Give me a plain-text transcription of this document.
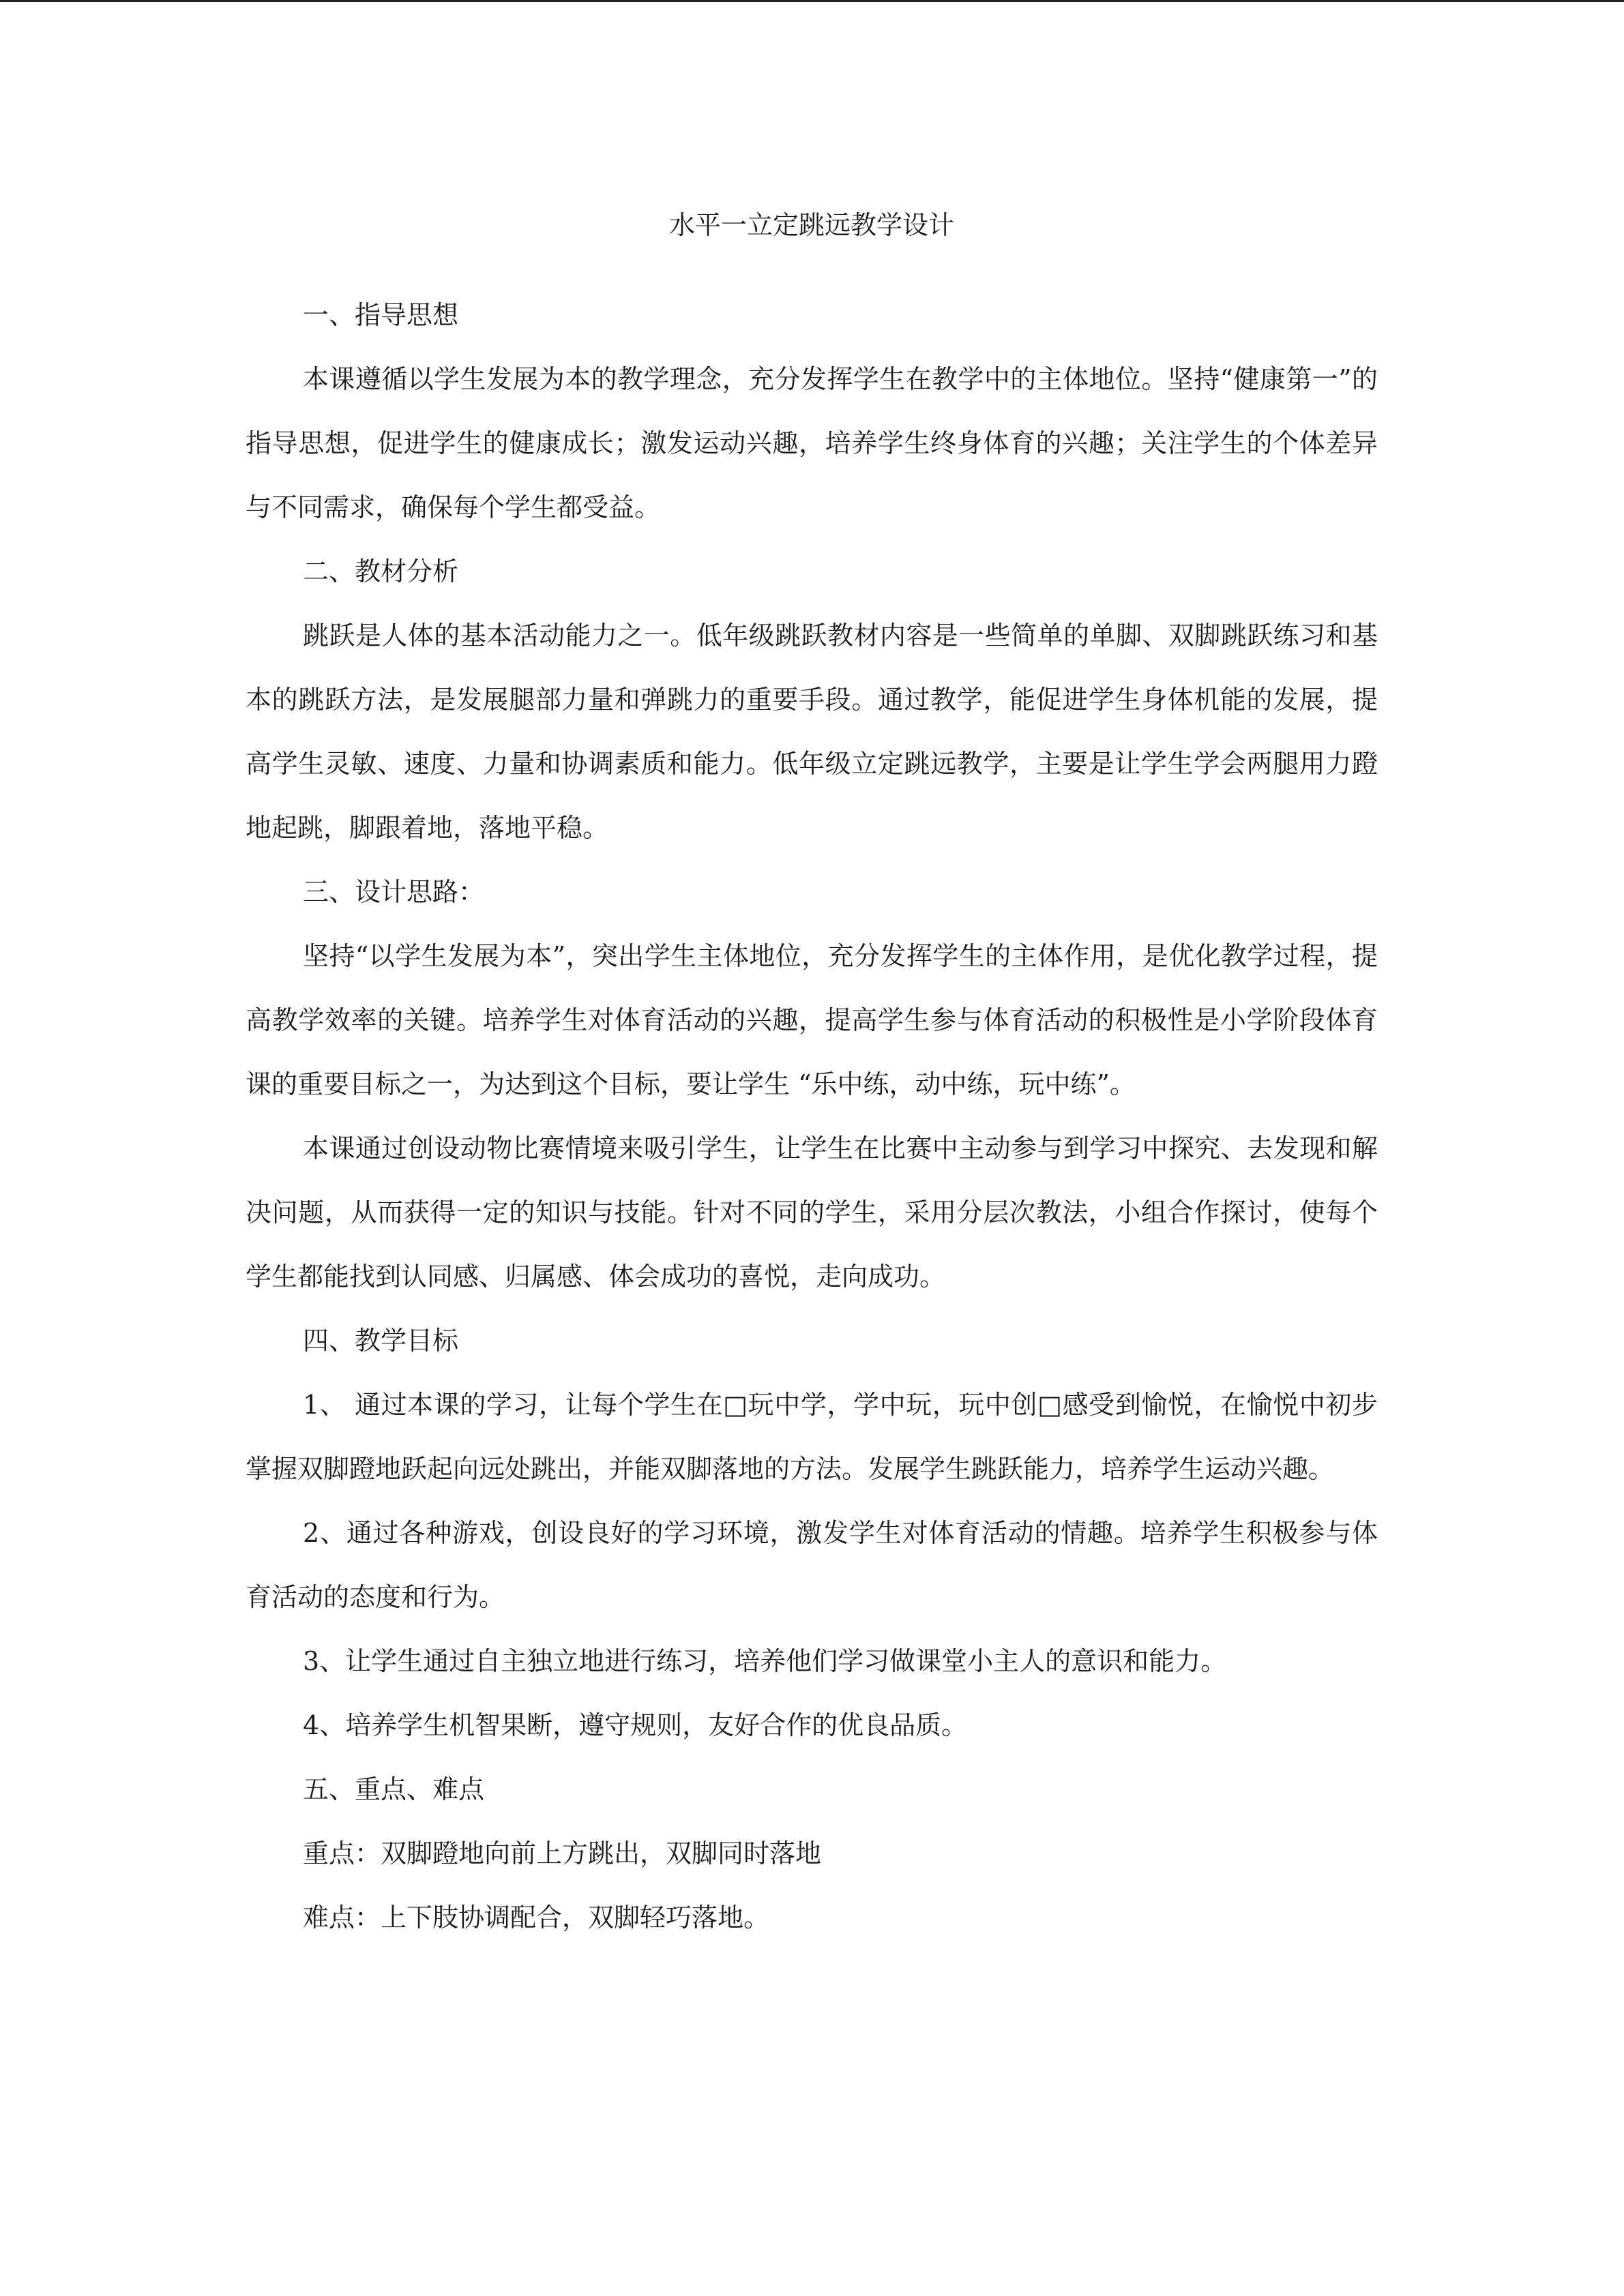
水平一立定跳远教学设计

一、指导思想

本课遵循以学生发展为本的教学理念，充分发挥学生在教学中的主体地位。坚持“健康第一”的指导思想，促进学生的健康成长；激发运动兴趣，培养学生终身体育的兴趣；关注学生的个体差异与不同需求，确保每个学生都受益。

二、教材分析

跳跃是人体的基本活动能力之一。低年级跳跃教材内容是一些简单的单脚、双脚跳跃练习和基本的跳跃方法，是发展腿部力量和弹跳力的重要手段。通过教学，能促进学生身体机能的发展，提高学生灵敏、速度、力量和协调素质和能力。低年级立定跳远教学，主要是让学生学会两腿用力蹬地起跳，脚跟着地，落地平稳。

三、设计思路：

坚持“以学生发展为本”，突出学生主体地位，充分发挥学生的主体作用，是优化教学过程，提高教学效率的关键。培养学生对体育活动的兴趣，提高学生参与体育活动的积极性是小学阶段体育课的重要目标之一，为达到这个目标，要让学生 “乐中练，动中练，玩中练”。

本课通过创设动物比赛情境来吸引学生，让学生在比赛中主动参与到学习中探究、去发现和解决问题，从而获得一定的知识与技能。针对不同的学生，采用分层次教法，小组合作探讨，使每个学生都能找到认同感、归属感、体会成功的喜悦，走向成功。

四、教学目标

1、 通过本课的学习，让每个学生在□玩中学，学中玩，玩中创□感受到愉悦，在愉悦中初步掌握双脚蹬地跃起向远处跳出，并能双脚落地的方法。发展学生跳跃能力，培养学生运动兴趣。

2、通过各种游戏，创设良好的学习环境，激发学生对体育活动的情趣。培养学生积极参与体育活动的态度和行为。

3、让学生通过自主独立地进行练习，培养他们学习做课堂小主人的意识和能力。

4、培养学生机智果断，遵守规则，友好合作的优良品质。

五、重点、难点

重点：双脚蹬地向前上方跳出，双脚同时落地

难点：上下肢协调配合，双脚轻巧落地。
